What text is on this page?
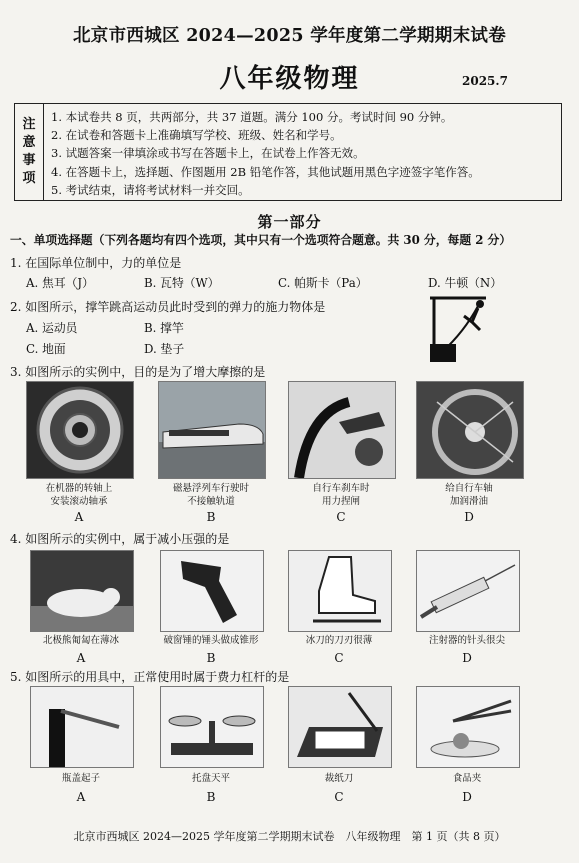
北京市西城区 2024—2025 学年度第二学期期末试卷
八年级物理	2025.7
注
意
事
项
1. 本试卷共 8 页，共两部分，共 37 道题。满分 100 分。考试时间 90 分钟。
2. 在试卷和答题卡上准确填写学校、班级、姓名和学号。
3. 试题答案一律填涂或书写在答题卡上，在试卷上作答无效。
4. 在答题卡上，选择题、作图题用 2B 铅笔作答，其他试题用黑色字迹签字笔作答。
5. 考试结束，请将考试材料一并交回。
第一部分
一、单项选择题（下列各题均有四个选项，其中只有一个选项符合题意。共 30 分，每题 2 分）
1. 在国际单位制中，力的单位是
A. 焦耳（J）	B. 瓦特（W）	C. 帕斯卡（Pa）	D. 牛顿（N）
2. 如图所示，撑竿跳高运动员此时受到的弹力的施力物体是
A. 运动员	B. 撑竿
C. 地面	D. 垫子
3. 如图所示的实例中，目的是为了增大摩擦的是
在机器的转轴上
安装滚动轴承
磁悬浮列车行驶时
不接触轨道
自行车刹车时
用力捏闸
给自行车轴
加润滑油
A	B	C	D
4. 如图所示的实例中，属于减小压强的是
北极熊匍匐在薄冰	破窗锤的锤头做成锥形	冰刀的刀刃很薄	注射器的针头很尖
A	B	C	D
5. 如图所示的用具中，正常使用时属于费力杠杆的是
瓶盖起子	托盘天平	裁纸刀	食品夹
A	B	C	D
北京市西城区 2024—2025 学年度第二学期期末试卷　八年级物理　第 1 页（共 8 页）
